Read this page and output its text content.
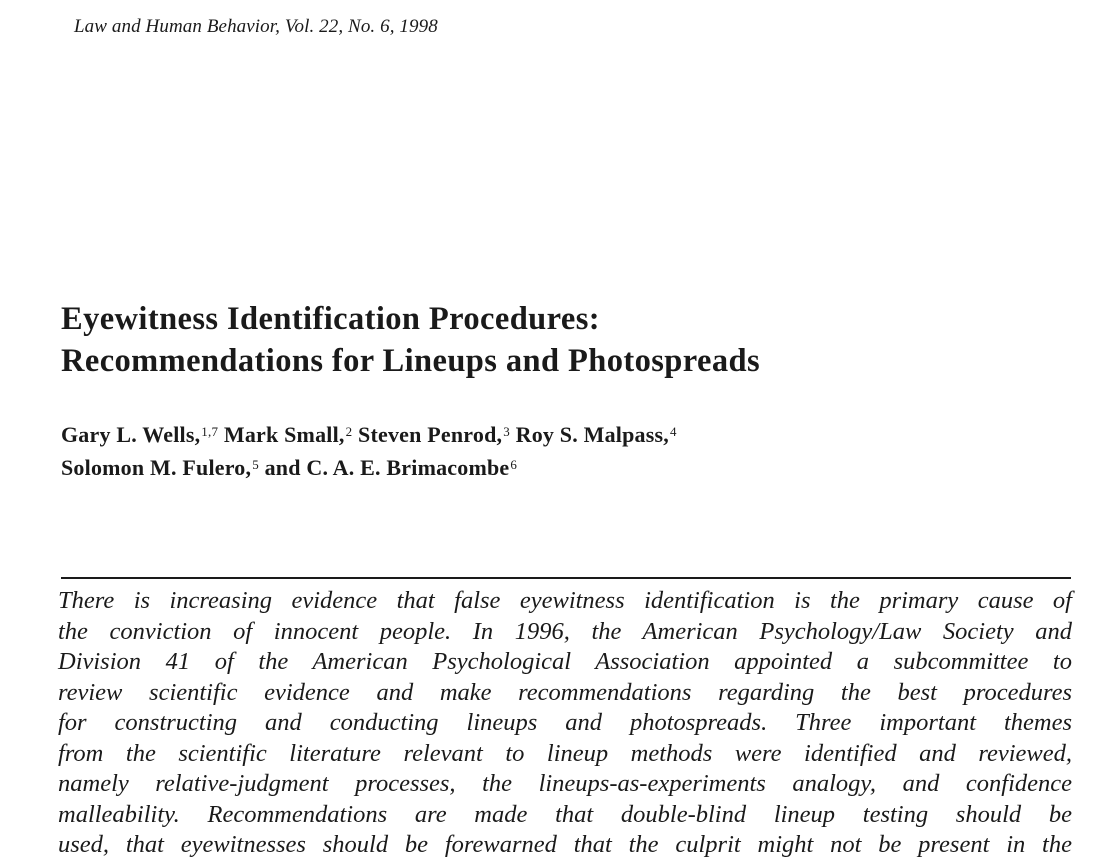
Law and Human Behavior, Vol. 22, No. 6, 1998
Eyewitness Identification Procedures:
Recommendations for Lineups and Photospreads
Gary L. Wells,$^{1,7}$ Mark Small,$^2$ Steven Penrod,$^3$ Roy S. Malpass,$^4$
Solomon M. Fulero,$^5$ and C. A. E. Brimacombe$^6$
There is increasing evidence that false eyewitness identification is the primary cause of
the conviction of innocent people. In 1996, the American Psychology/Law Society and
Division 41 of the American Psychological Association appointed a subcommittee to
review scientific evidence and make recommendations regarding the best procedures
for constructing and conducting lineups and photospreads. Three important themes
from the scientific literature relevant to lineup methods were identified and reviewed,
namely relative-judgment processes, the lineups-as-experiments analogy, and confidence
malleability. Recommendations are made that double-blind lineup testing should be
used, that eyewitnesses should be forewarned that the culprit might not be present in the
